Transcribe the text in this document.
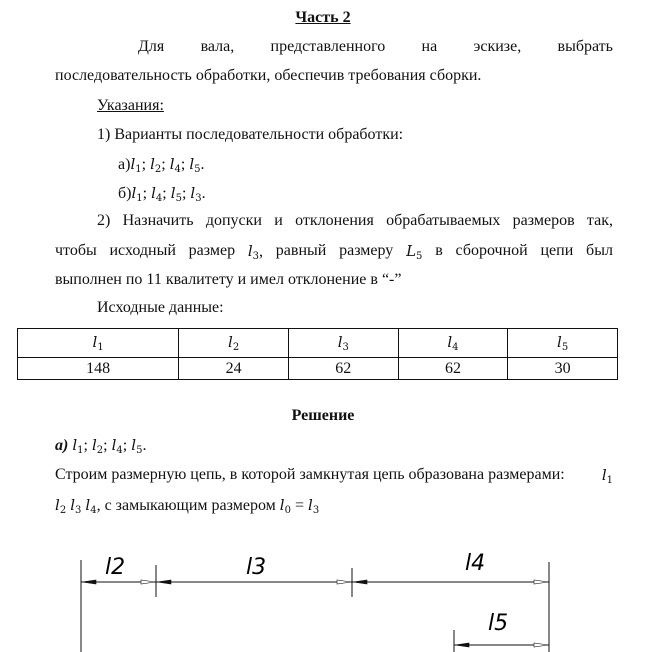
Часть 2
Для вала, представленного на эскизе, выбрать
последовательность обработки, обеспечив требования сборки.
Указания:
1) Варианты последовательности обработки:
$а)l_1$; $l_2$; $l_4$; $l_5$.
$б)l_1$; $l_4$; $l_5$; $l_3$.
2) Назначить допуски и отклонения обрабатываемых размеров так,
чтобы исходный размер $l_3$, равный размеру $L_5$ в сборочной цепи был
выполнен по 11 квалитету и имел отклонение в “-”
Исходные данные:
$l_1$	$l_2$	$l_3$	$l_4$	$l_5$
148	24	62	62	30
Решение
а) $l_1$; $l_2$; $l_4$; $l_5$.
Строим размерную цепь, в которой замкнутая цепь образована размерами: $l_1$
$l_2$ $l_3$ $l_4$, с замыкающим размером $l_0 = l_3$
l2	l3	l4
l5
